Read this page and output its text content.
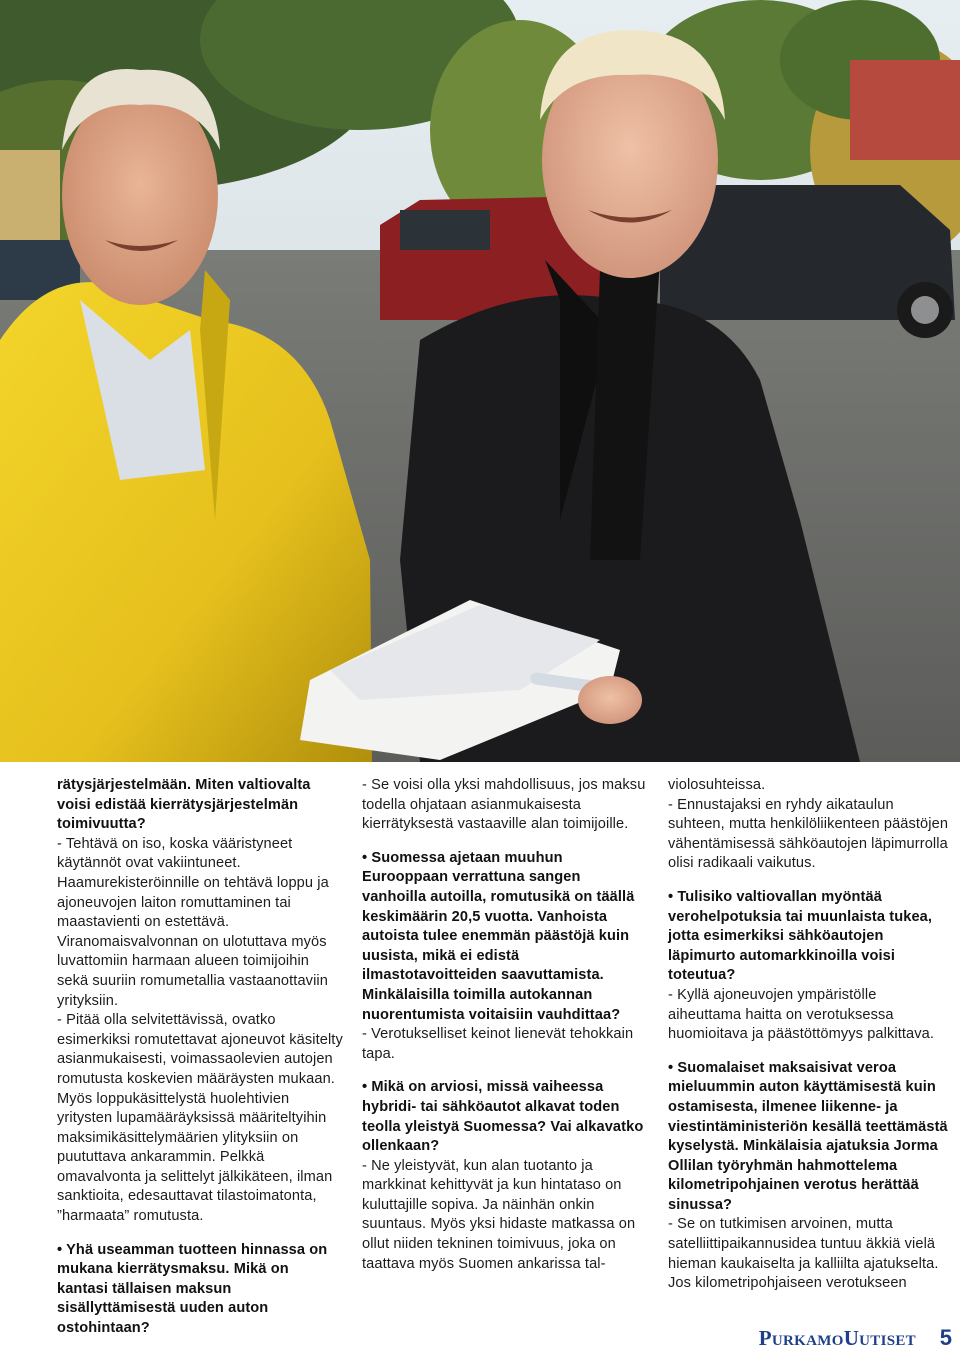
rätysjärjestelmään. Miten valtiovalta voisi edistää kierrätysjärjestelmän toimivuutta?

- Tehtävä on iso, koska vääristyneet käytännöt ovat vakiintuneet. Haamurekisteröinnille on tehtävä loppu ja ajoneuvojen laiton romuttaminen tai maastavienti on estettävä. Viranomaisvalvonnan on ulotuttava myös luvattomiin harmaan alueen toimijoihin sekä suuriin romumetallia vastaanottaviin yrityksiin.

- Pitää olla selvitettävissä, ovatko esimerkiksi romutettavat ajoneuvot käsitelty asianmukaisesti, voimassaolevien autojen romutusta koskevien määräysten mukaan. Myös loppukäsittelystä huolehtivien yritysten lupamääräyksissä määriteltyihin maksimikäsittelymäärien ylityksiin on puututtava ankarammin. Pelkkä omavalvonta ja selittelyt jälkikäteen, ilman sanktioita, edesauttavat tilastoimatonta, ”harmaata” romutusta.

• Yhä useamman tuotteen hinnassa on mukana kierrätysmaksu. Mikä on kantasi tällaisen maksun sisällyttämisestä uuden auton ostohintaan?

- Se voisi olla yksi mahdollisuus, jos maksu todella ohjataan asianmukaisesta kierrätyksestä vastaaville alan toimijoille.

• Suomessa ajetaan muuhun Eurooppaan verrattuna sangen vanhoilla autoilla, romutusikä on täällä keskimäärin 20,5 vuotta. Vanhoista autoista tulee enemmän päästöjä kuin uusista, mikä ei edistä ilmastotavoitteiden saavuttamista. Minkälaisilla toimilla autokannan nuorentumista voitaisiin vauhdittaa?

- Verotukselliset keinot lienevät tehokkain tapa.

• Mikä on arviosi, missä vaiheessa hybridi- tai sähköautot alkavat toden teolla yleistyä Suomessa? Vai alkavatko ollenkaan?

- Ne yleistyvät, kun alan tuotanto ja markkinat kehittyvät ja kun hintataso on kuluttajille sopiva. Ja näinhän onkin suuntaus. Myös yksi hidaste matkassa on ollut niiden tekninen toimivuus, joka on taattava myös Suomen ankarissa tal-

violosuhteissa.

- Ennustajaksi en ryhdy aikataulun suhteen, mutta henkilöliikenteen päästöjen vähentämisessä sähköautojen läpimurrolla olisi radikaali vaikutus.

• Tulisiko valtiovallan myöntää verohelpotuksia tai muunlaista tukea, jotta esimerkiksi sähköautojen läpimurto automarkkinoilla voisi toteutua?

- Kyllä ajoneuvojen ympäristölle aiheuttama haitta on verotuksessa huomioitava ja päästöttömyys palkittava.

• Suomalaiset maksaisivat veroa mieluummin auton käyttämisestä kuin ostamisesta, ilmenee liikenne- ja viestintäministeriön kesällä teettämästä kyselystä. Minkälaisia ajatuksia Jorma Ollilan työryhmän hahmottelema kilometripohjainen verotus herättää sinussa?

- Se on tutkimisen arvoinen, mutta satelliittipaikannusidea tuntuu äkkiä vielä hieman kaukaiselta ja kalliilta ajatukselta. Jos kilometripohjaiseen verotukseen

PurkamoUutiset 5
